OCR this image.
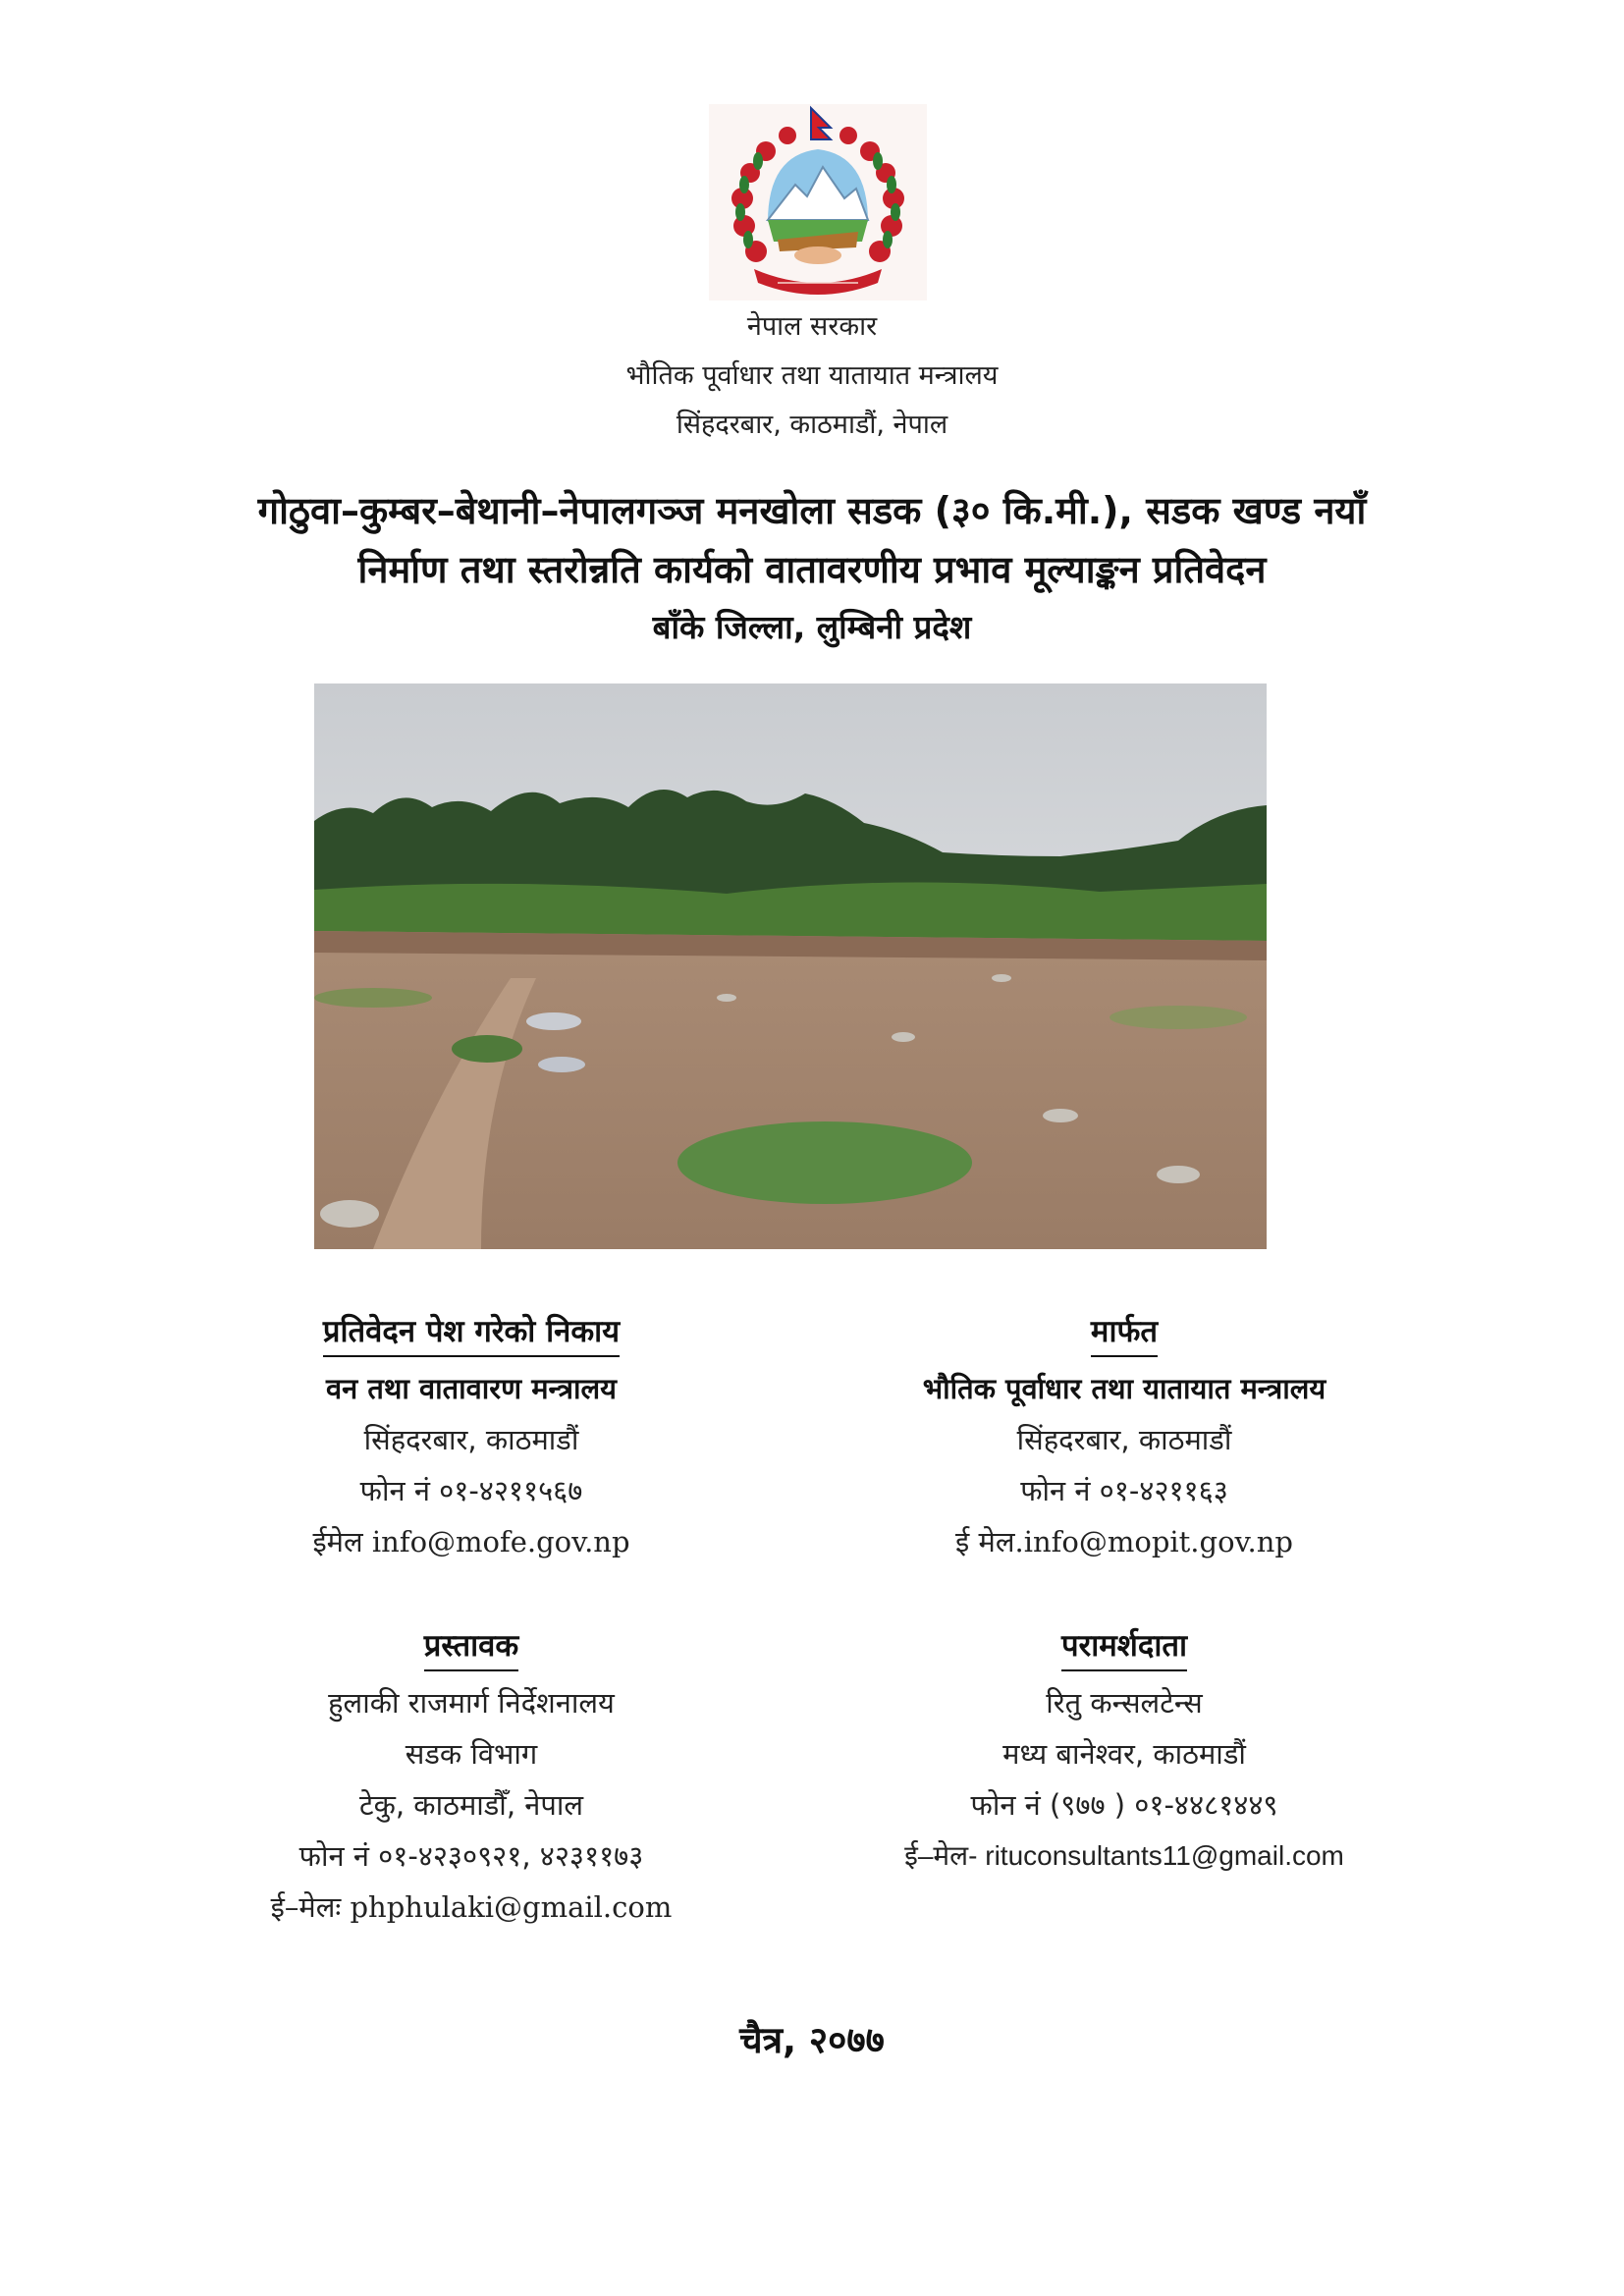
नेपाल सरकार
भौतिक पूर्वाधार तथा यातायात मन्त्रालय
सिंहदरबार, काठमाडौं, नेपाल
गोठुवा–कुम्बर–बेथानी–नेपालगञ्ज मनखोला सडक (३० कि.मी.), सडक खण्ड नयाँ
निर्माण तथा स्तरोन्नति कार्यको वातावरणीय प्रभाव मूल्याङ्कन प्रतिवेदन
बाँके जिल्ला, लुम्बिनी प्रदेश
प्रतिवेदन पेश गरेको निकाय
वन तथा वातावारण मन्त्रालय
सिंहदरबार, काठमाडौं
फोन नं ०१-४२११५६७
ईमेल info@mofe.gov.np
मार्फत
भौतिक पूर्वाधार तथा यातायात मन्त्रालय
सिंहदरबार, काठमाडौं
फोन नं ०१-४२११६३
ई मेल.info@mopit.gov.np
प्रस्तावक
हुलाकी राजमार्ग निर्देशनालय
सडक विभाग
टेकु, काठमाडौँ, नेपाल
फोन नं ०१-४२३०९२१, ४२३११७३
ई–मेलः phphulaki@gmail.com
परामर्शदाता
रितु कन्सलटेन्स
मध्य बानेश्वर, काठमाडौं
फोन नं (९७७ ) ०१-४४८१४४९
ई–मेल- rituconsultants11@gmail.com
चैत्र, २०७७
